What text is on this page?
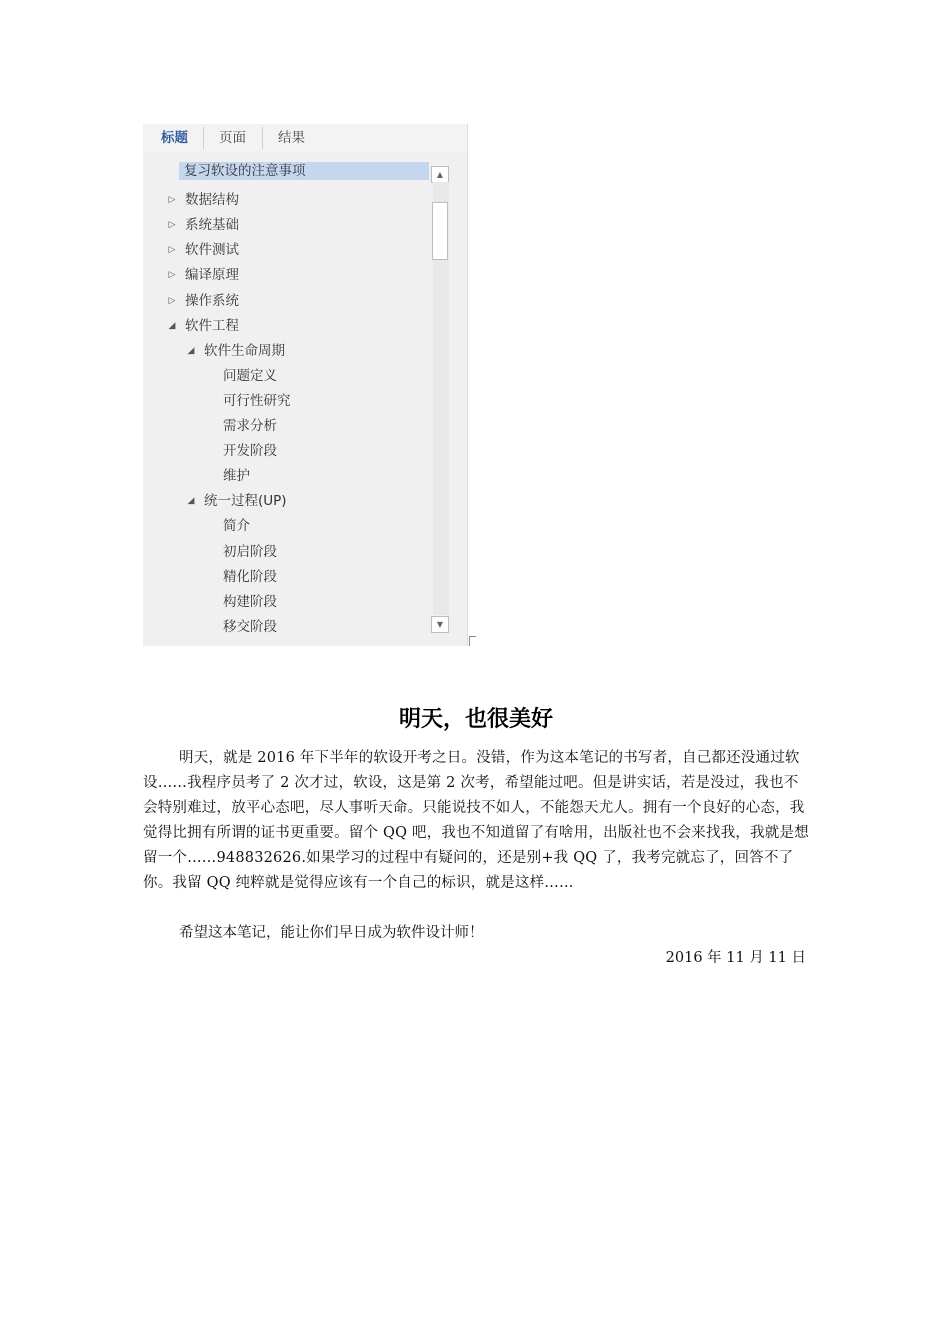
标题 页面 结果
复习软设的注意事项
▷ 数据结构
▷ 系统基础
▷ 软件测试
▷ 编译原理
▷ 操作系统
◢ 软件工程
◢ 软件生命周期
问题定义
可行性研究
需求分析
开发阶段
维护
◢ 统一过程(UP)
简介
初启阶段
精化阶段
构建阶段
移交阶段
▲
▼
明天，也很美好

明天，就是 2016 年下半年的软设开考之日。没错，作为这本笔记的书写者，自己都还没通过软设……我程序员考了 2 次才过，软设，这是第 2 次考，希望能过吧。但是讲实话，若是没过，我也不会特别难过，放平心态吧，尽人事听天命。只能说技不如人，不能怨天尤人。拥有一个良好的心态，我觉得比拥有所谓的证书更重要。留个 QQ 吧，我也不知道留了有啥用，出版社也不会来找我，我就是想留一个……948832626.如果学习的过程中有疑问的，还是别+我 QQ 了，我考完就忘了，回答不了你。我留 QQ 纯粹就是觉得应该有一个自己的标识，就是这样……

希望这本笔记，能让你们早日成为软件设计师！

2016 年 11 月 11 日
